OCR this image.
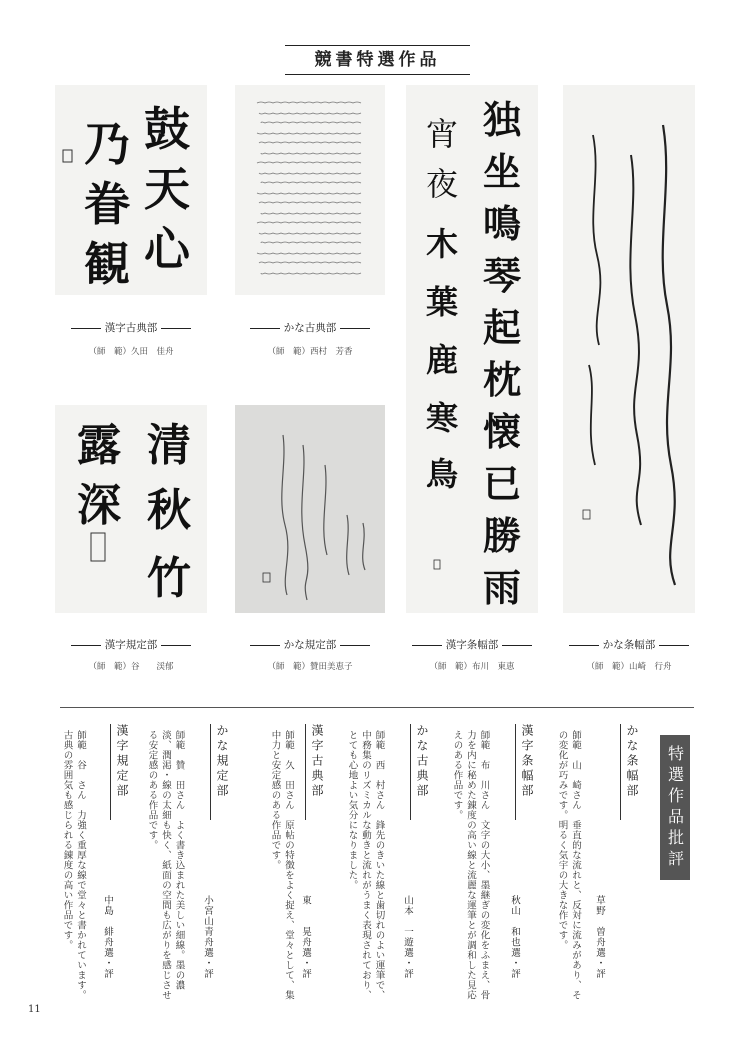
競書特選作品
鼓
天
心
乃
眷
観
漢字古典部
（師　範）久田　佳舟
かな古典部
（師　範）西村　芳香
清
秋
竹
露
深
漢字規定部
（師　範）谷　　渓郁
かな規定部
（師　範）贊田美恵子
独
坐
鳴
琴
起
枕
懐
已
勝
雨
宵
夜
木
葉
鹿
寒
鳥
漢字条幅部
（師　範）布川　東恵
かな条幅部
（師　範）山崎　行舟
特選作品批評
かな条幅部
師範　山　崎さん　垂直的な流れと、反対に流みがあり、その変化が巧みです。明るく気宇の大きな作です。	草野　曽舟選・評
漢字条幅部
師範　布　川さん　文字の大小、墨継ぎの変化をふまえ、骨力を内に秘めた錬度の高い線と流麗な運筆とが調和した見応えのある作品です。
秋山　和也選・評
かな古典部
師範　西　村さん　鋒先のきいた線と歯切れのよい運筆で、中務集のリズミカルな動きと流れがうまく表現されており、とても心地よい気分になりました。
山本　一遊選・評
漢字古典部
師範　久　田さん　原帖の特徴をよく捉え、堂々として、集中力と安定感のある作品です。
東　　晃舟選・評
かな規定部
師範　贊　田さん　よく書き込まれた美しい細線。墨の濃淡、潤渇・線の太細も快く、紙面の空間も広がりを感じさせる安定感のある作品です。
小宮山青舟選・評
漢字規定部
師範　谷　さん　力強く重厚な線で堂々と書かれています。古典の雰囲気も感じられる錬度の高い作品です。	中島　緋舟選・評
11
